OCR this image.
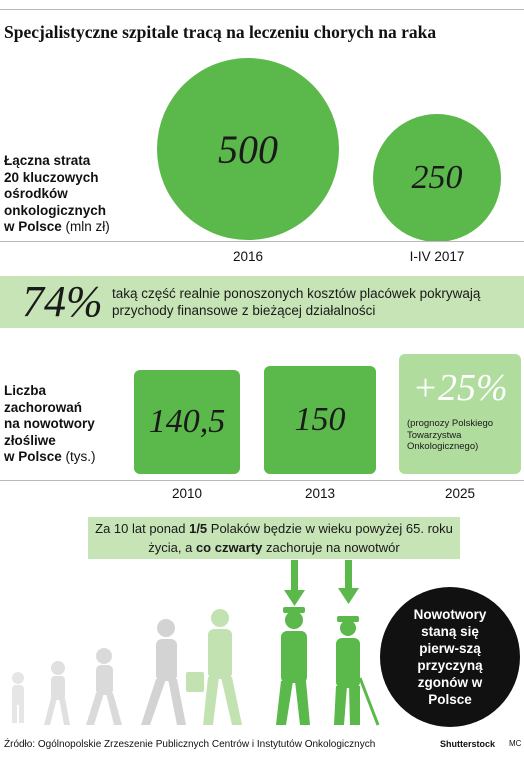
Specjalistyczne szpitale tracą na leczeniu chorych na raka
Łączna strata
20 kluczowych
ośrodków
onkologicznych
w Polsce (mln zł)
500
250
2016	I-IV 2017
74% taką część realnie ponoszonych kosztów placówek pokrywają przychody finansowe z bieżącej działalności
Liczba
zachorowań
na nowotwory
złośliwe
w Polsce (tys.)
140,5 150
+25%
(prognozy Polskiego Towarzystwa Onkologicznego)
2010	2013	2025
Za 10 lat ponad 1/5 Polaków będzie w wieku powyżej 65. roku życia, a co czwarty zachoruje na nowotwór
Nowotwory staną się pierw-szą przyczyną zgonów w Polsce
Źródło: Ogólnopolskie Zrzeszenie Publicznych Centrów i Instytutów Onkologicznych	Shutterstock MC
